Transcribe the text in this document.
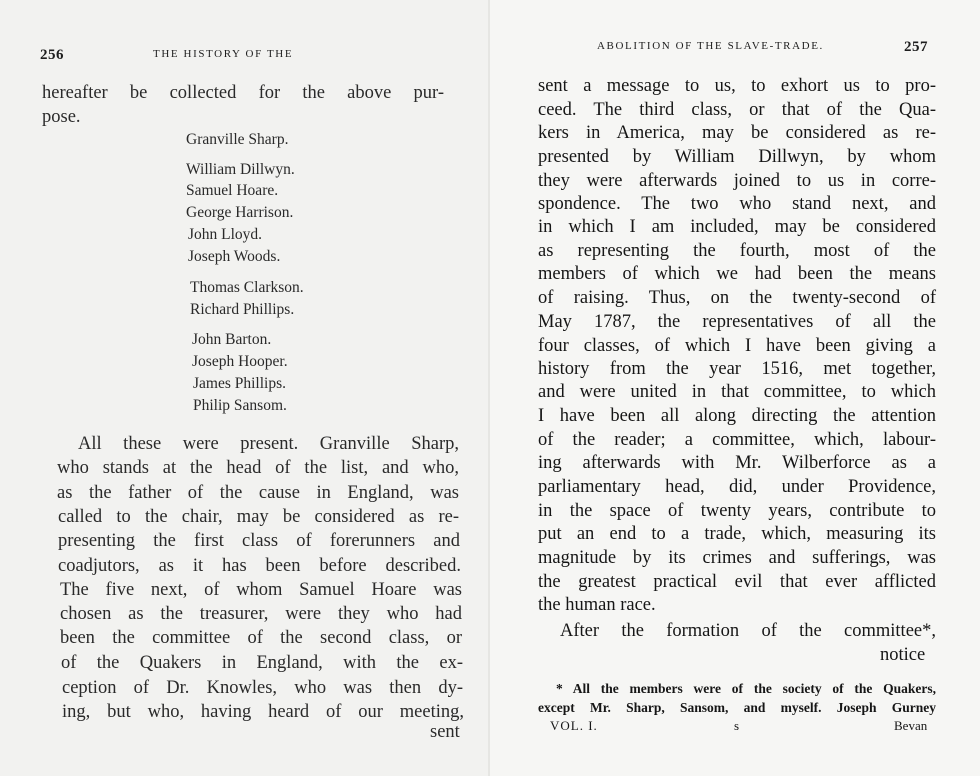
256	THE HISTORY OF THE
hereafter be collected for the above pur-
pose.
Granville Sharp.
William Dillwyn.
Samuel Hoare.
George Harrison.
John Lloyd.
Joseph Woods.
Thomas Clarkson.
Richard Phillips.
John Barton.
Joseph Hooper.
James Phillips.
Philip Sansom.
All these were present. Granville Sharp,
who stands at the head of the list, and who,
as the father of the cause in England, was
called to the chair, may be considered as re-
presenting the first class of forerunners and
coadjutors, as it has been before described.
The five next, of whom Samuel Hoare was
chosen as the treasurer, were they who had
been the committee of the second class, or
of the Quakers in England, with the ex-
ception of Dr. Knowles, who was then dy-
ing, but who, having heard of our meeting,
sent
ABOLITION OF THE SLAVE-TRADE.	257
sent a message to us, to exhort us to pro-
ceed. The third class, or that of the Qua-
kers in America, may be considered as re-
presented by William Dillwyn, by whom
they were afterwards joined to us in corre-
spondence. The two who stand next, and
in which I am included, may be considered
as representing the fourth, most of the
members of which we had been the means
of raising. Thus, on the twenty-second of
May 1787, the representatives of all the
four classes, of which I have been giving a
history from the year 1516, met together,
and were united in that committee, to which
I have been all along directing the attention
of the reader; a committee, which, labour-
ing afterwards with Mr. Wilberforce as a
parliamentary head, did, under Providence,
in the space of twenty years, contribute to
put an end to a trade, which, measuring its
magnitude by its crimes and sufferings, was
the greatest practical evil that ever afflicted
the human race.
After the formation of the committee*,
notice
* All the members were of the society of the Quakers,
except Mr. Sharp, Sansom, and myself. Joseph Gurney
VOL. I.	s	Bevan
